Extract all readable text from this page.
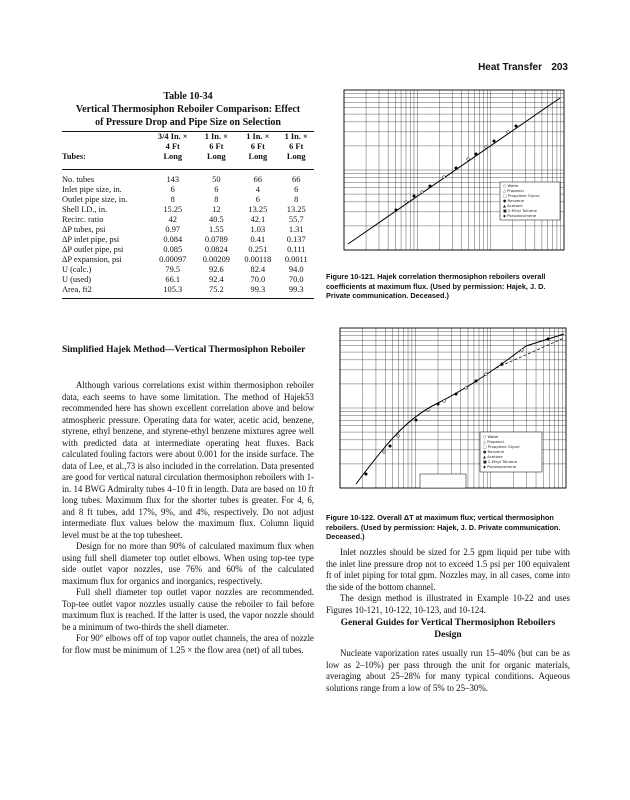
Heat Transfer 203
Table 10-34
Vertical Thermosiphon Reboiler Comparison: Effect
of Pressure Drop and Pipe Size on Selection
	3/4 In. ×	1 In. ×	1 In. ×	1 In. ×
	4 Ft	6 Ft	6 Ft	6 Ft
Tubes:	Long	Long	Long	Long

No. tubes	143	50	66	66
Inlet pipe size, in.	6	6	4	6
Outlet pipe size, in.	8	8	6	8
Shell I.D., in.	15.25	12	13.25	13.25
Recirc. ratio	42	40.5	42.1	55.7
ΔP tubes, psi	0.97	1.55	1.03	1.31
ΔP inlet pipe, psi	0.084	0.0789	0.41	0.137
ΔP outlet pipe, psi	0.085	0.0824	0.251	0.111
ΔP expansion, psi	0.00097	0.00209	0.00118	0.0011
U (calc.)	79.5	92.6	82.4	94.0
U (used)	66.1	92.4	70.0	70.0
Area, ft2	105.3	75.2	99.3	99.3

Simplified Hajek Method—Vertical Thermosiphon Reboiler

Although various correlations exist within thermosiphon reboiler data, each seems to have some limitation. The method of Hajek53 recommended here has shown excellent correlation above and below atmospheric pressure. Operating data for water, acetic acid, benzene, styrene, ethyl benzene, and styrene-ethyl benzene mixtures agree well with predicted data at intermediate operating heat fluxes. Back calculated fouling factors were about 0.001 for the inside surface. The data of Lee, et al.,73 is also included in the correlation. Data presented are good for vertical natural circulation thermosiphon reboilers with 1-in. 14 BWG Admiralty tubes 4–10 ft in length. Data are based on 10 ft long tubes. Maximum flux for the shorter tubes is greater. For 4, 6, and 8 ft tubes, add 17%, 9%, and 4%, respectively. Do not adjust intermediate flux values below the maximum flux. Column liquid level must be at the top tubesheet.

Design for no more than 90% of calculated maximum flux when using full shell diameter top outlet elbows. When using top-tee type side outlet vapor nozzles, use 76% and 60% of the calculated maximum flux for organics and inorganics, respectively.

Full shell diameter top outlet vapor nozzles are recommended. Top-tee outlet vapor nozzles usually cause the reboiler to fail before maximum flux is reached. If the latter is used, the vapor nozzle should be a minimum of two-thirds the shell diameter.

For 90° elbows off of top vapor outlet channels, the area of nozzle for flow must be minimum of 1.25 × the flow area (net) of all tubes.

○ Water
△ Propanol
□ Propylene Glycol
● Benzene
▲ Acetone
■ 2-Ethyl Toluene
◆ Pseudocumene
Figure 10-121. Hajek correlation thermosiphon reboilers overall coefficients at maximum flux. (Used by permission: Hajek, J. D. Private communication. Deceased.)
○ Water
△ Propanol
□ Propylene Glycol
● Benzene
▲ Acetone
■ 2-Ethyl Toluene
◆ Pseudocumene
Figure 10-122. Overall ΔT at maximum flux; vertical thermosiphon reboilers. (Used by permission: Hajek, J. D. Private communication. Deceased.)

Inlet nozzles should be sized for 2.5 gpm liquid per tube with the inlet line pressure drop not to exceed 1.5 psi per 100 equivalent ft of inlet piping for total gpm. Nozzles may, in all cases, come into the side of the bottom channel.

The design method is illustrated in Example 10-22 and uses Figures 10-121, 10-122, 10-123, and 10-124.

General Guides for Vertical Thermosiphon Reboilers Design

Nucleate vaporization rates usually run 15–40% (but can be as low as 2–10%) per pass through the unit for organic materials, averaging about 25–28% for many typical conditions. Aqueous solutions range from a low of 5% to 25–30%.
